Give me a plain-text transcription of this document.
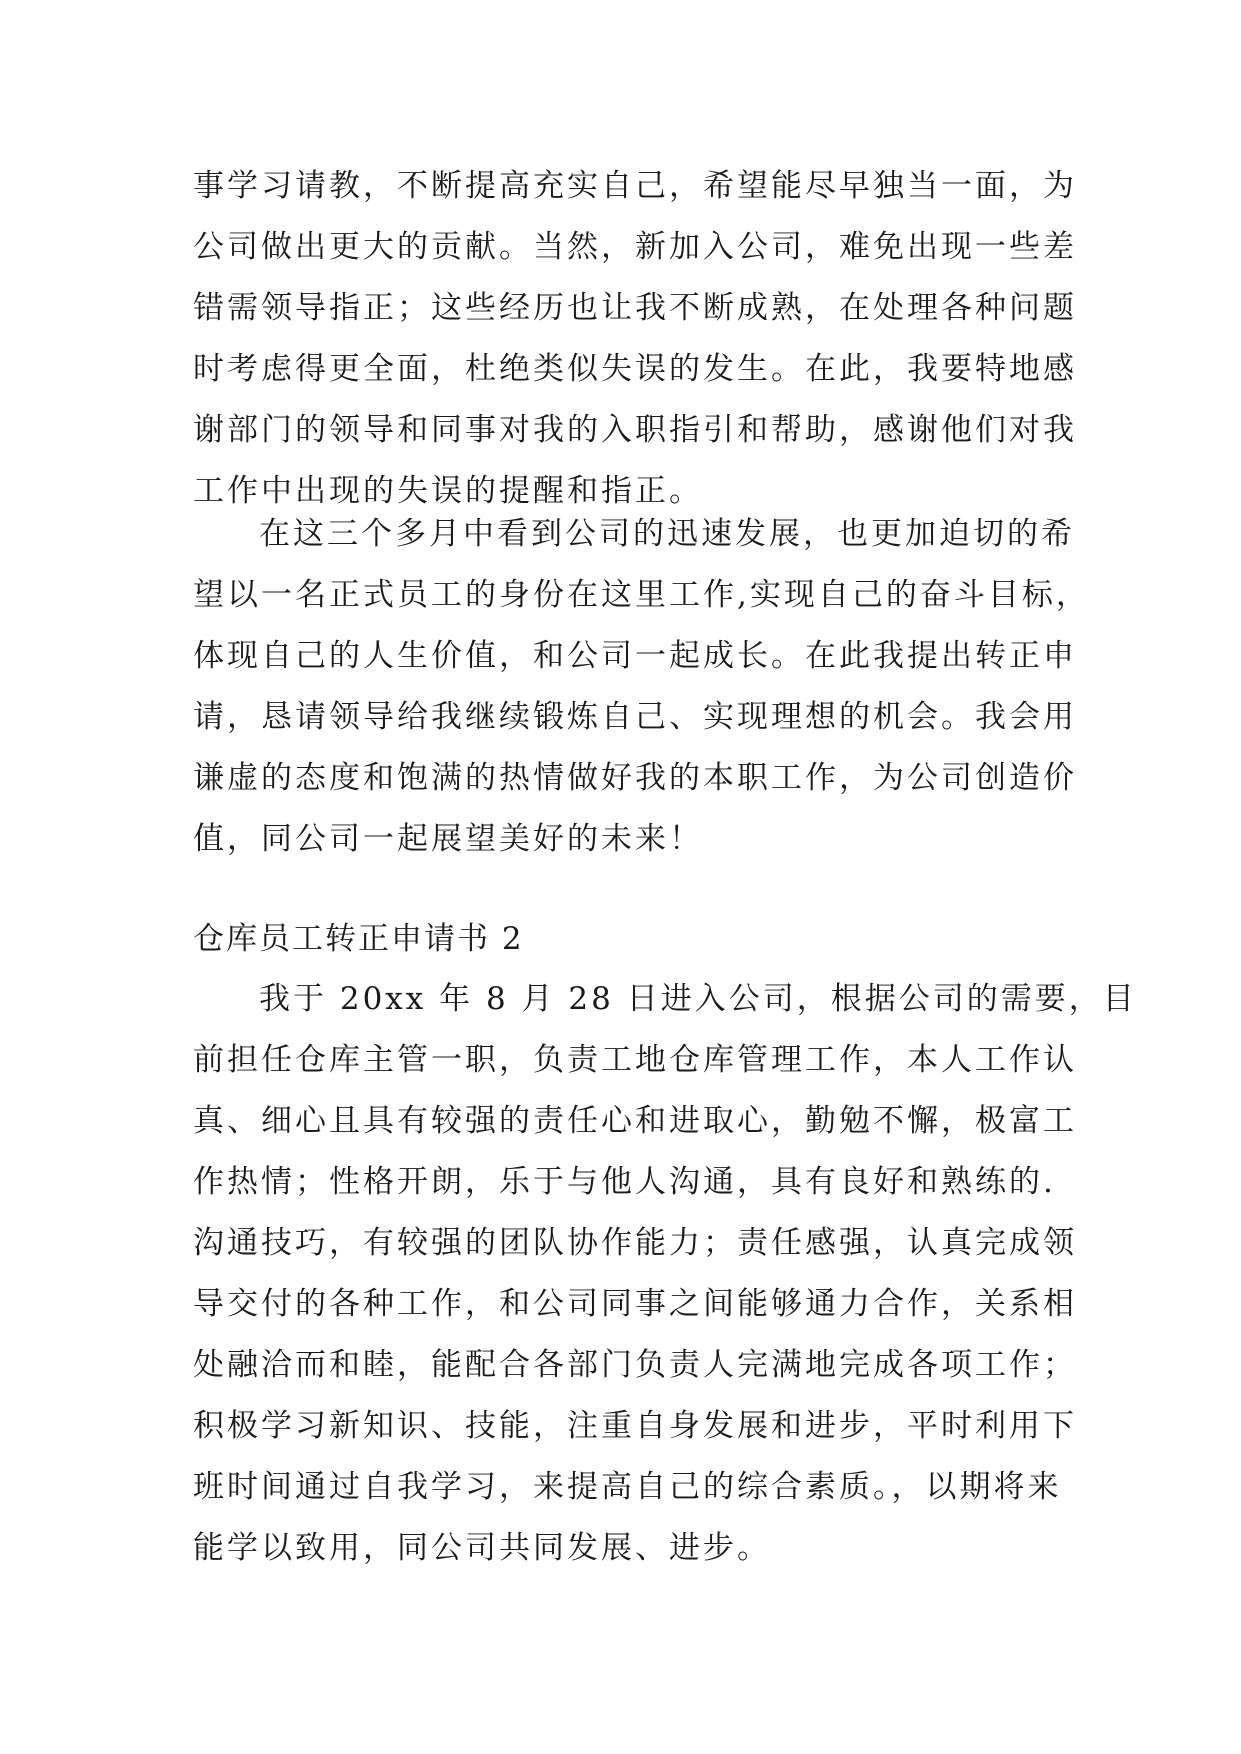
事学习请教，不断提高充实自己，希望能尽早独当一面，为
公司做出更大的贡献。当然，新加入公司，难免出现一些差
错需领导指正；这些经历也让我不断成熟，在处理各种问题
时考虑得更全面，杜绝类似失误的发生。在此，我要特地感
谢部门的领导和同事对我的入职指引和帮助，感谢他们对我
工作中出现的失误的提醒和指正。
在这三个多月中看到公司的迅速发展，也更加迫切的希
望以一名正式员工的身份在这里工作,实现自己的奋斗目标，
体现自己的人生价值，和公司一起成长。在此我提出转正申
请，恳请领导给我继续锻炼自己、实现理想的机会。我会用
谦虚的态度和饱满的热情做好我的本职工作，为公司创造价
值，同公司一起展望美好的未来！
仓库员工转正申请书 2
我于 20xx 年 8 月 28 日进入公司，根据公司的需要，目
前担任仓库主管一职，负责工地仓库管理工作，本人工作认
真、细心且具有较强的责任心和进取心，勤勉不懈，极富工
作热情；性格开朗，乐于与他人沟通，具有良好和熟练的.
沟通技巧，有较强的团队协作能力；责任感强，认真完成领
导交付的各种工作，和公司同事之间能够通力合作，关系相
处融洽而和睦，能配合各部门负责人完满地完成各项工作；
积极学习新知识、技能，注重自身发展和进步，平时利用下
班时间通过自我学习，来提高自己的综合素质。，以期将来
能学以致用，同公司共同发展、进步。
